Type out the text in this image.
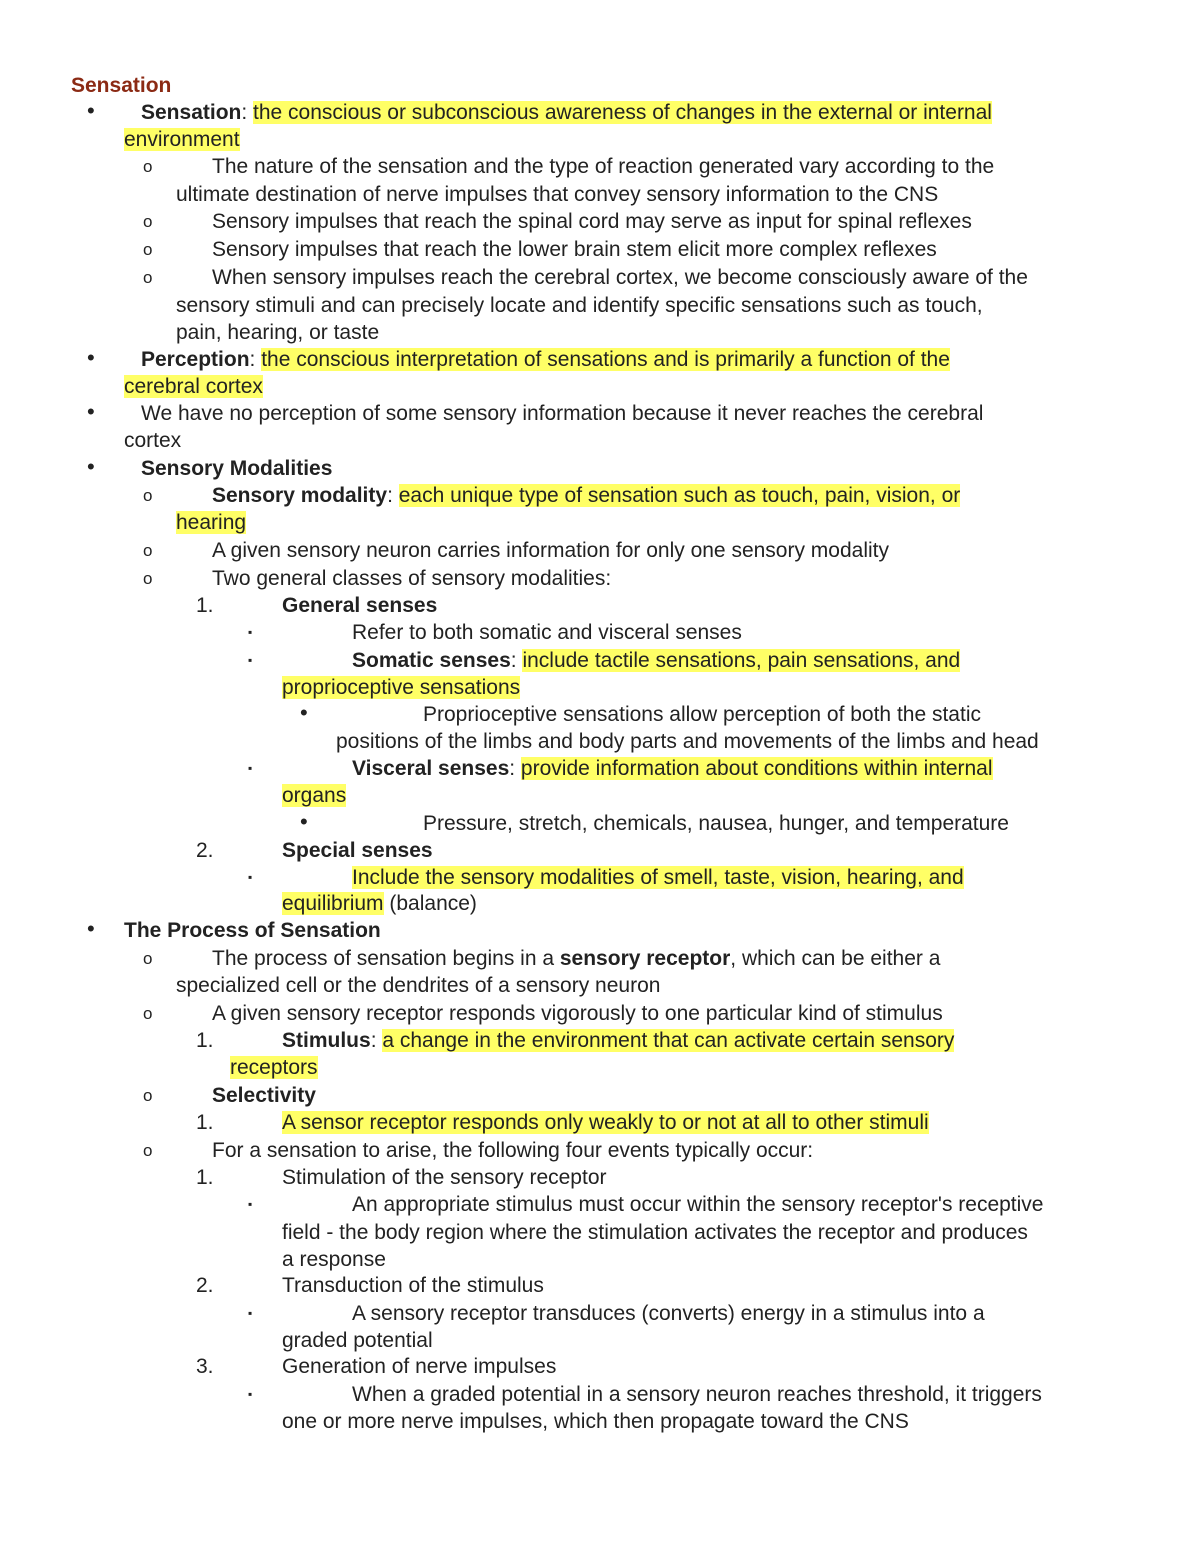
Sensation
• Sensation: the conscious or subconscious awareness of changes in the external or internal
environment
o	The nature of the sensation and the type of reaction generated vary according to the
ultimate destination of nerve impulses that convey sensory information to the CNS
o	Sensory impulses that reach the spinal cord may serve as input for spinal reflexes
o	Sensory impulses that reach the lower brain stem elicit more complex reflexes
o	When sensory impulses reach the cerebral cortex, we become consciously aware of the
sensory stimuli and can precisely locate and identify specific sensations such as touch,
pain, hearing, or taste
• Perception: the conscious interpretation of sensations and is primarily a function of the
cerebral cortex
• We have no perception of some sensory information because it never reaches the cerebral
cortex
• Sensory Modalities
o	Sensory modality: each unique type of sensation such as touch, pain, vision, or
hearing
o	A given sensory neuron carries information for only one sensory modality
o	Two general classes of sensory modalities:
1.	General senses
▪	Refer to both somatic and visceral senses
▪	Somatic senses: include tactile sensations, pain sensations, and
proprioceptive sensations
•	Proprioceptive sensations allow perception of both the static
positions of the limbs and body parts and movements of the limbs and head
▪	Visceral senses: provide information about conditions within internal
organs
•	Pressure, stretch, chemicals, nausea, hunger, and temperature
2.	Special senses
▪	Include the sensory modalities of smell, taste, vision, hearing, and
equilibrium (balance)
• The Process of Sensation
o	The process of sensation begins in a sensory receptor, which can be either a
specialized cell or the dendrites of a sensory neuron
o	A given sensory receptor responds vigorously to one particular kind of stimulus
1.	Stimulus: a change in the environment that can activate certain sensory
receptors
o	Selectivity
1.	A sensor receptor responds only weakly to or not at all to other stimuli
o	For a sensation to arise, the following four events typically occur:
1.	Stimulation of the sensory receptor
▪	An appropriate stimulus must occur within the sensory receptor's receptive
field - the body region where the stimulation activates the receptor and produces
a response
2.	Transduction of the stimulus
▪	A sensory receptor transduces (converts) energy in a stimulus into a
graded potential
3.	Generation of nerve impulses
▪	When a graded potential in a sensory neuron reaches threshold, it triggers
one or more nerve impulses, which then propagate toward the CNS
